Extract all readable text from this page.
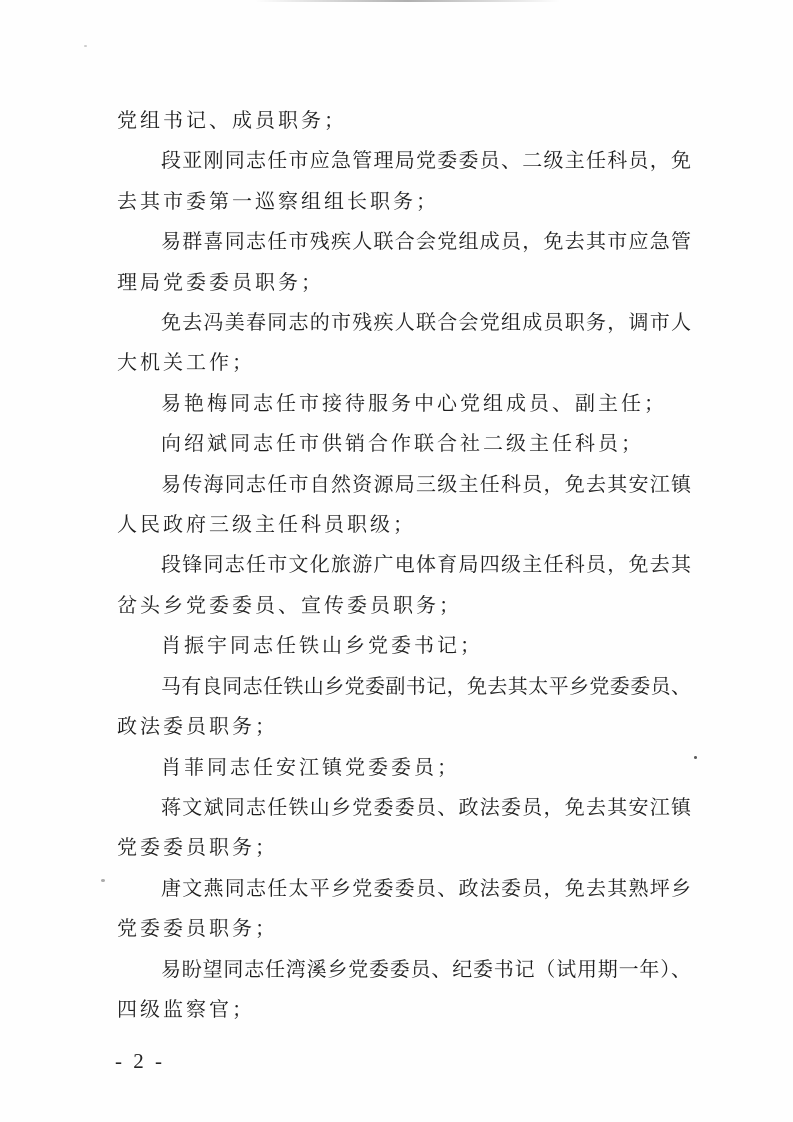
党组书记、成员职务；
段亚刚同志任市应急管理局党委委员、二级主任科员，免
去其市委第一巡察组组长职务；
易群喜同志任市残疾人联合会党组成员，免去其市应急管
理局党委委员职务；
免去冯美春同志的市残疾人联合会党组成员职务，调市人
大机关工作；
易艳梅同志任市接待服务中心党组成员、副主任；
向绍斌同志任市供销合作联合社二级主任科员；
易传海同志任市自然资源局三级主任科员，免去其安江镇
人民政府三级主任科员职级；
段锋同志任市文化旅游广电体育局四级主任科员，免去其
岔头乡党委委员、宣传委员职务；
肖振宇同志任铁山乡党委书记；
马有良同志任铁山乡党委副书记，免去其太平乡党委委员、
政法委员职务；
肖菲同志任安江镇党委委员；
蒋文斌同志任铁山乡党委委员、政法委员，免去其安江镇
党委委员职务；
唐文燕同志任太平乡党委委员、政法委员，免去其熟坪乡
党委委员职务；
易盼望同志任湾溪乡党委委员、纪委书记（试用期一年）、
四级监察官；
- 2 -
